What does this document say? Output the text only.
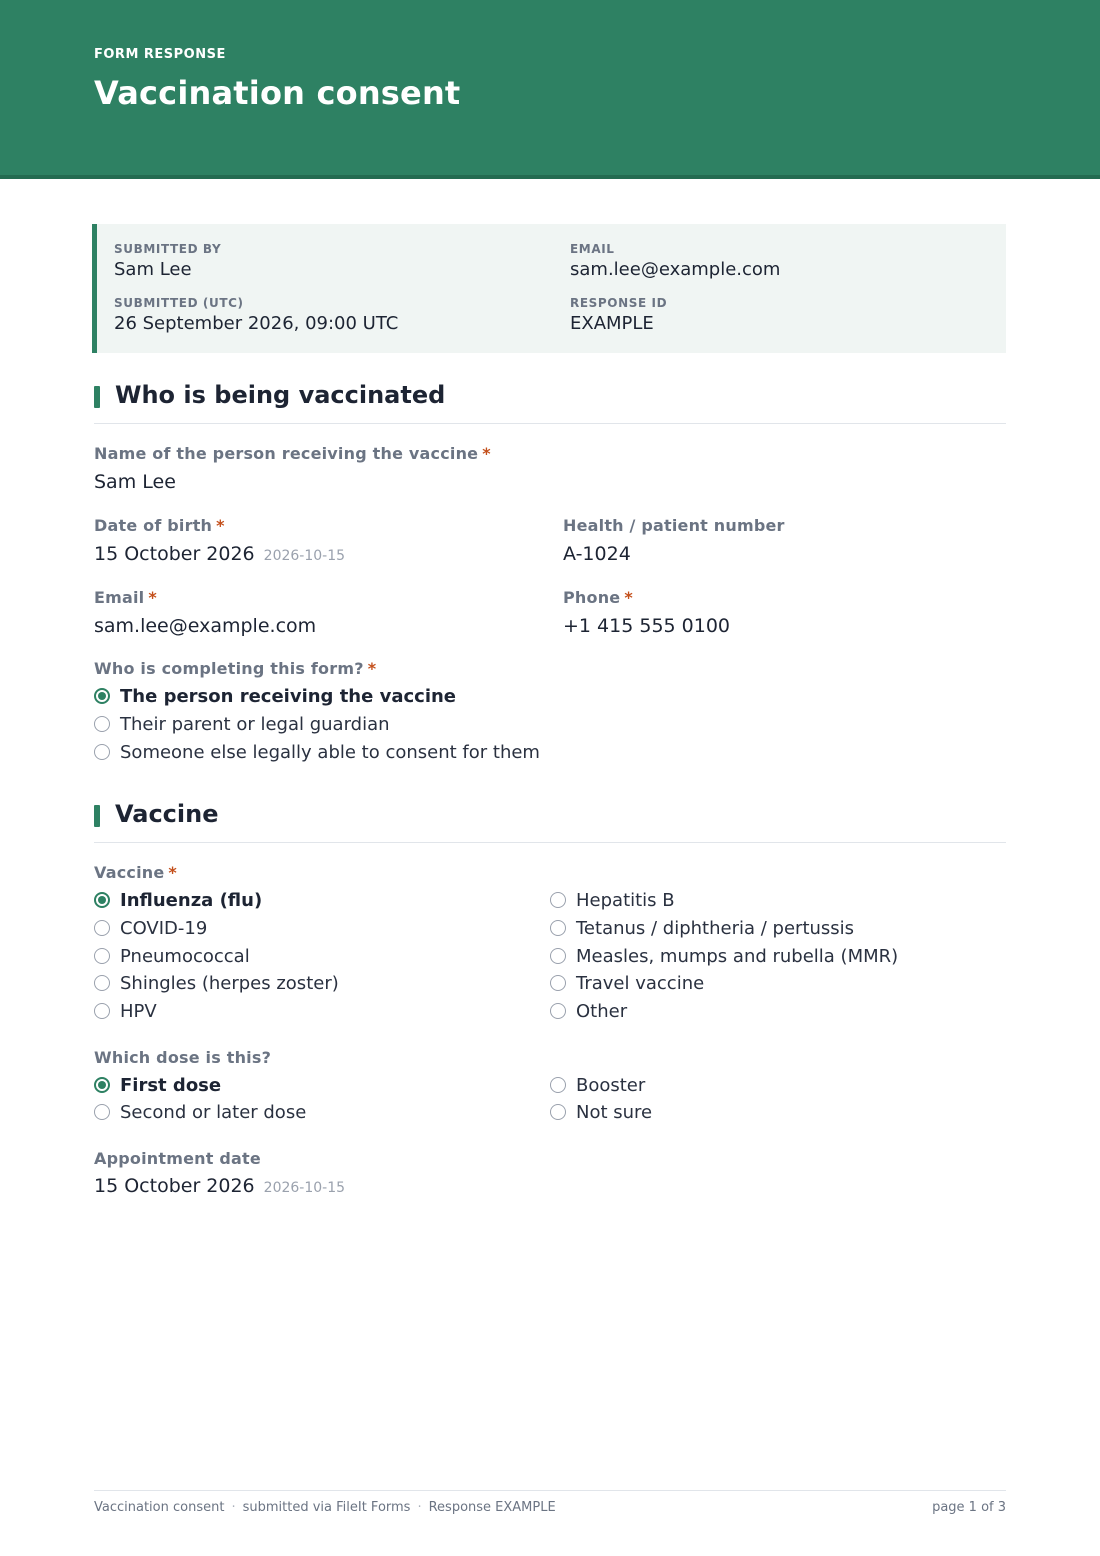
FORM RESPONSE
Vaccination consent
SUBMITTED BY
Sam Lee
EMAIL
sam.lee@example.com
SUBMITTED (UTC)
26 September 2026, 09:00 UTC
RESPONSE ID
EXAMPLE
Who is being vaccinated
Name of the person receiving the vaccine *
Sam Lee
Date of birth *
15 October 2026 2026-10-15
Health / patient number
A-1024
Email *
sam.lee@example.com
Phone *
+1 415 555 0100
Who is completing this form? *
The person receiving the vaccine
Their parent or legal guardian
Someone else legally able to consent for them
Vaccine
Vaccine *
Influenza (flu)
COVID-19
Pneumococcal
Shingles (herpes zoster)
HPV
Hepatitis B
Tetanus / diphtheria / pertussis
Measles, mumps and rubella (MMR)
Travel vaccine
Other
Which dose is this?
First dose
Second or later dose
Booster
Not sure
Appointment date
15 October 2026 2026-10-15
Vaccination consent · submitted via FileIt Forms · Response EXAMPLE	page 1 of 3
